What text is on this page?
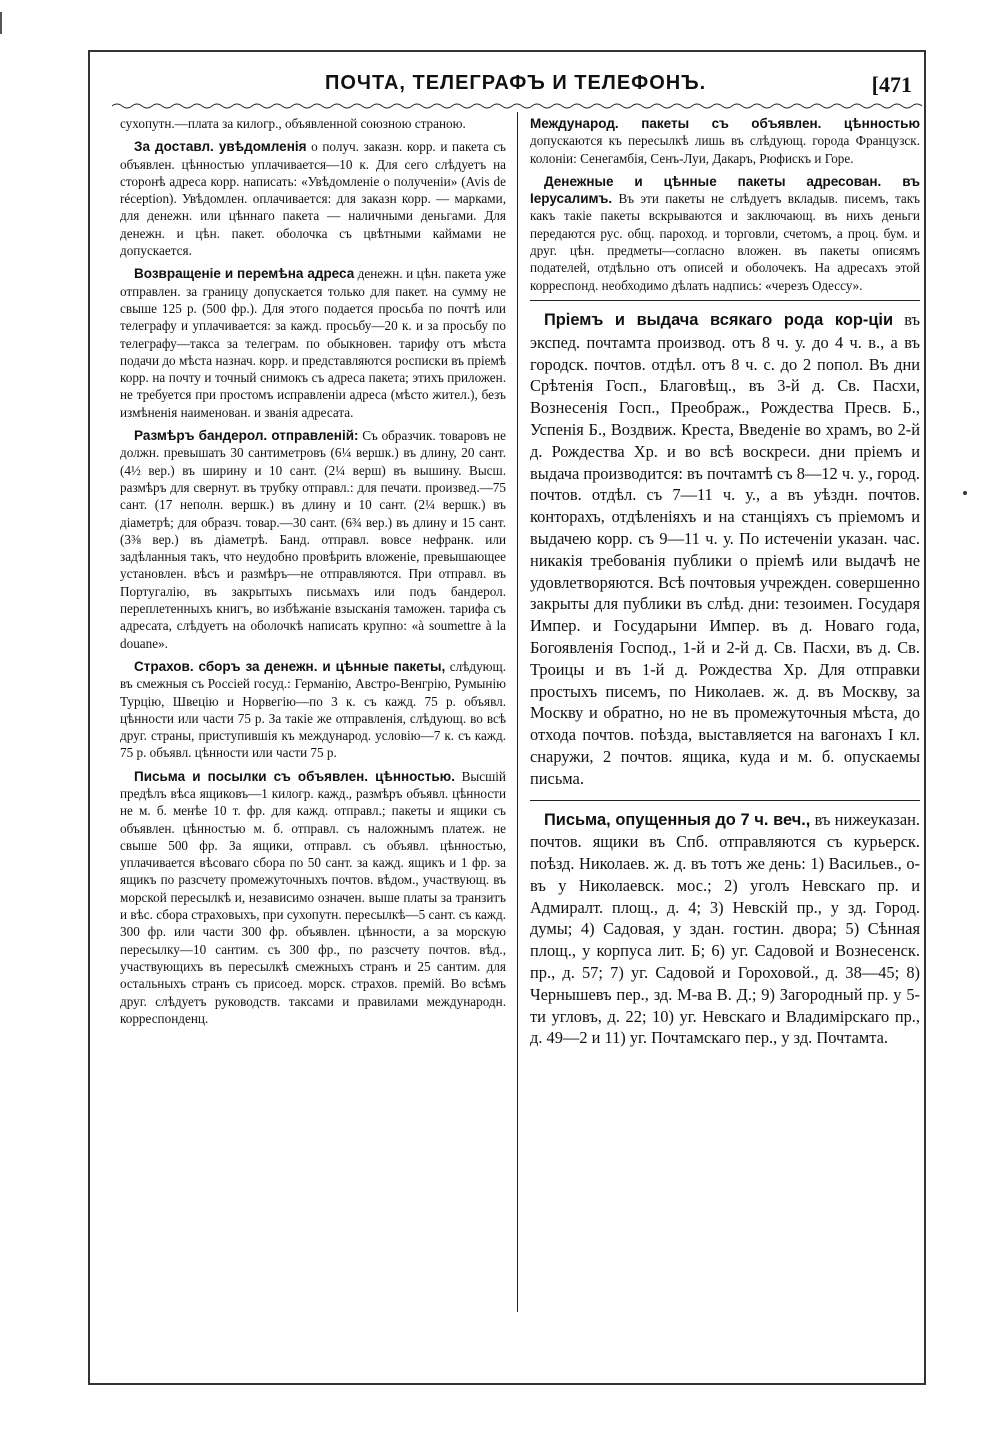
ПОЧТА, ТЕЛЕГРАФЪ И ТЕЛЕФОНЪ.	[471

сухопутн.—плата за килогр., объявленной союзною страною.

За доставл. увѣдомленія о получ. заказн. корр. и пакета съ объявлен. цѣнностью уплачивается—10 к. Для сего слѣдуетъ на сторонѣ адреса корр. написать: «Увѣдомленіе о полученіи» (Avis de réception). Увѣдомлен. оплачивается: для заказн корр. — марками, для денежн. или цѣннаго пакета — наличными деньгами. Для денежн. и цѣн. пакет. оболочка съ цвѣтными каймами не допускается.

Возвращеніе и перемѣна адреса денежн. и цѣн. пакета уже отправлен. за границу допускается только для пакет. на сумму не свыше 125 р. (500 фр.). Для этого подается просьба по почтѣ или телеграфу и уплачивается: за кажд. просьбу—20 к. и за просьбу по телеграфу—такса за телеграм. по обыкновен. тарифу отъ мѣста подачи до мѣста назнач. корр. и представляются росписки въ пріемѣ корр. на почту и точный снимокъ съ адреса пакета; этихъ приложен. не требуется при простомъ исправленіи адреса (мѣсто жител.), безъ измѣненія наименован. и званія адресата.

Размѣръ бандерол. отправленій: Съ образчик. товаровъ не должн. превышать 30 сантиметровъ (6¼ вершк.) въ длину, 20 сант. (4½ вер.) въ ширину и 10 сант. (2¼ верш) въ вышину. Высш. размѣръ для свернут. въ трубку отправл.: для печати. произвед.—75 сант. (17 неполн. вершк.) въ длину и 10 сант. (2¼ вершк.) въ діаметрѣ; для образч. товар.—30 сант. (6¾ вер.) въ длину и 15 сант. (3⅜ вер.) въ діаметрѣ. Банд. отправл. вовсе нефранк. или задѣланныя такъ, что неудобно провѣрить вложеніе, превышающее установлен. вѣсъ и размѣръ—не отправляются. При отправл. въ Португалію, въ закрытыхъ письмахъ или подъ бандерол. переплетенныхъ книгъ, во избѣжаніе взысканія таможен. тарифа съ адресата, слѣдуетъ на оболочкѣ написать крупно: «à soumettre à la douane».

Страхов. сборъ за денежн. и цѣнные пакеты, слѣдующ. въ смежныя съ Россіей госуд.: Германію, Австро-Венгрію, Румынію Турцію, Швецію и Норвегію—по 3 к. съ кажд. 75 р. объявл. цѣнности или части 75 р. За такіе же отправленія, слѣдующ. во всѣ друг. страны, приступившія къ международ. условію—7 к. съ кажд. 75 р. объявл. цѣнности или части 75 р.

Письма и посылки съ объявлен. цѣнностью. Высшій предѣлъ вѣса ящиковъ—1 килогр. кажд., размѣръ объявл. цѣнности не м. б. менѣе 10 т. фр. для кажд. отправл.; пакеты и ящики съ объявлен. цѣнностью м. б. отправл. съ наложнымъ платеж. не свыше 500 фр. За ящики, отправл. съ объявл. цѣнностью, уплачивается вѣсоваго сбора по 50 сант. за кажд. ящикъ и 1 фр. за ящикъ по разсчету промежуточныхъ почтов. вѣдом., участвующ. въ морской пересылкѣ и, независимо означен. выше платы за транзитъ и вѣс. сбора страховыхъ, при сухопутн. пересылкѣ—5 сант. съ кажд. 300 фр. или части 300 фр. объявлен. цѣнности, а за морскую пересылку—10 сантим. съ 300 фр., по разсчету почтов. вѣд., участвующихъ въ пересылкѣ смежныхъ странъ и 25 сантим. для остальныхъ странъ съ присоед. морск. страхов. премій. Во всѣмъ друг. слѣдуетъ руководств. таксами и правилами международн. корреспонденц.

Международ. пакеты съ объявлен. цѣнностью допускаются къ пересылкѣ лишь въ слѣдующ. города Французск. колоніи: Сенегамбія, Сенъ-Луи, Дакаръ, Рюфискъ и Горе.

Денежные и цѣнные пакеты адресован. въ Іерусалимъ. Въ эти пакеты не слѣдуетъ вкладыв. писемъ, такъ какъ такіе пакеты вскрываются и заключающ. въ нихъ деньги передаются рус. общ. пароход. и торговли, счетомъ, а проц. бум. и друг. цѣн. предметы—согласно вложен. въ пакеты описямъ подателей, отдѣльно отъ описей и оболочекъ. На адресахъ этой корреспонд. необходимо дѣлать надпись: «черезъ Одессу».

Пріемъ и выдача всякаго рода кор-ціи въ экспед. почтамта производ. отъ 8 ч. у. до 4 ч. в., а въ городск. почтов. отдѣл. отъ 8 ч. с. до 2 попол. Въ дни Срѣтенія Госп., Благовѣщ., въ 3-й д. Св. Пасхи, Вознесенія Госп., Преображ., Рождества Пресв. Б., Успенія Б., Воздвиж. Креста, Введеніе во храмъ, во 2-й д. Рождества Хр. и во всѣ воскреси. дни пріемъ и выдача производится: въ почтамтѣ съ 8—12 ч. у., город. почтов. отдѣл. съ 7—11 ч. у., а въ уѣздн. почтов. конторахъ, отдѣленіяхъ и на станціяхъ съ пріемомъ и выдачею корр. съ 9—11 ч. у. По истеченіи указан. час. никакія требованія публики о пріемѣ или выдачѣ не удовлетворяются. Всѣ почтовыя учрежден. совершенно закрыты для публики въ слѣд. дни: тезоимен. Государя Импер. и Государыни Импер. въ д. Новаго года, Богоявленія Господ., 1-й и 2-й д. Св. Пасхи, въ д. Св. Троицы и въ 1-й д. Рождества Хр. Для отправки простыхъ писемъ, по Николаев. ж. д. въ Москву, за Москву и обратно, но не въ промежуточныя мѣста, до отхода почтов. поѣзда, выставляется на вагонахъ I кл. снаружи, 2 почтов. ящика, куда и м. б. опускаемы письма.

Письма, опущенныя до 7 ч. веч., въ нижеуказан. почтов. ящики въ Спб. отправляются съ курьерск. поѣзд. Николаев. ж. д. въ тотъ же день: 1) Васильев., о-въ у Николаевск. мос.; 2) уголъ Невскаго пр. и Адмиралт. площ., д. 4; 3) Невскій пр., у зд. Город. думы; 4) Садовая, у здан. гостин. двора; 5) Сѣнная площ., у корпуса лит. Б; 6) уг. Садовой и Вознесенск. пр., д. 57; 7) уг. Садовой и Гороховой., д. 38—45; 8) Чернышевъ пер., зд. М-ва В. Д.; 9) Загородный пр. у 5-ти угловъ, д. 22; 10) уг. Невскаго и Владимірскаго пр., д. 49—2 и 11) уг. Почтамскаго пер., у зд. Почтамта.
